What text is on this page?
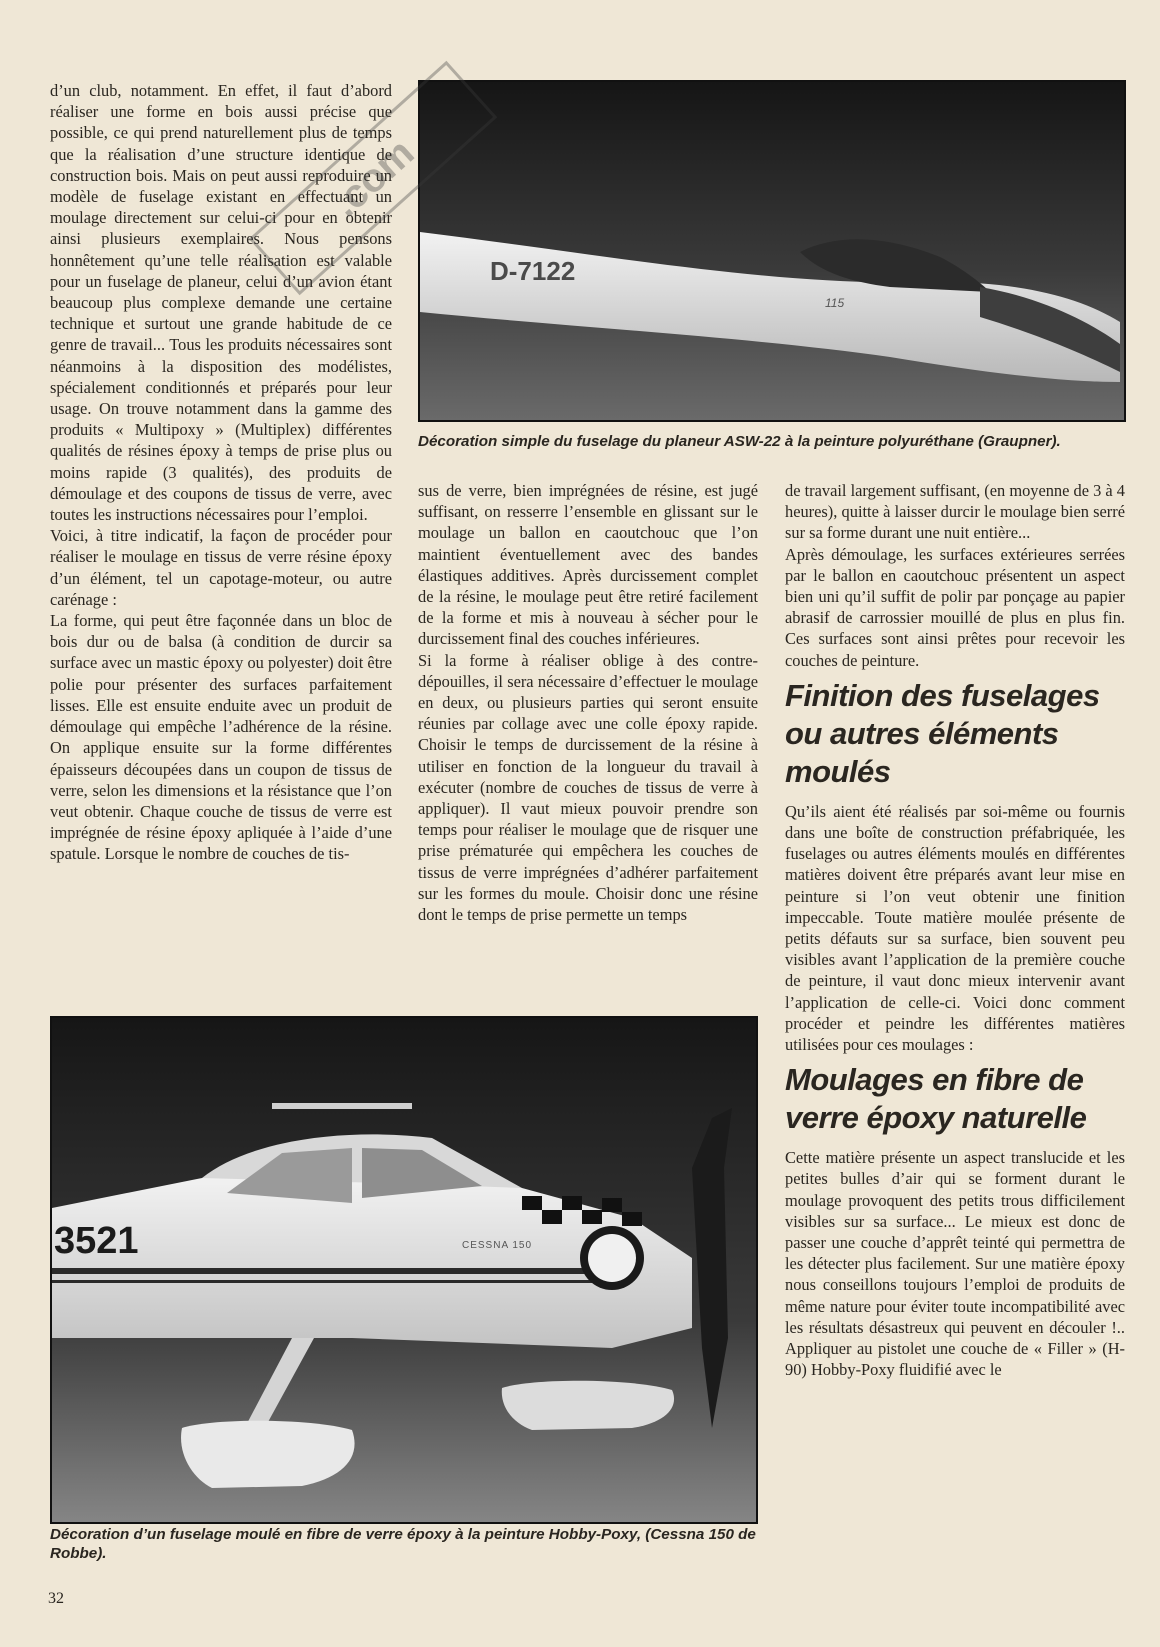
d’un club, notamment. En effet, il faut d’abord réaliser une forme en bois aussi précise que possible, ce qui prend naturellement plus de temps que la réalisation d’une structure identique de construction bois. Mais on peut aussi reproduire un modèle de fuselage existant en effectuant un moulage directement sur celui-ci pour en obtenir ainsi plusieurs exemplaires. Nous pensons honnêtement qu’une telle réalisation est valable pour un fuselage de planeur, celui d’un avion étant beaucoup plus complexe demande une certaine technique et surtout une grande habitude de ce genre de travail... Tous les produits nécessaires sont néanmoins à la disposition des modélistes, spécialement conditionnés et préparés pour leur usage. On trouve notamment dans la gamme des produits « Multipoxy » (Multiplex) différentes qualités de résines époxy à temps de prise plus ou moins rapide (3 qualités), des produits de démoulage et des coupons de tissus de verre, avec toutes les instructions nécessaires pour l’emploi.

Voici, à titre indicatif, la façon de procéder pour réaliser le moulage en tissus de verre résine époxy d’un élément, tel un capotage-moteur, ou autre carénage :

La forme, qui peut être façonnée dans un bloc de bois dur ou de balsa (à condition de durcir sa surface avec un mastic époxy ou polyester) doit être polie pour présenter des surfaces parfaitement lisses. Elle est ensuite enduite avec un produit de démoulage qui empêche l’adhérence de la résine. On applique ensuite sur la forme différentes épaisseurs découpées dans un coupon de tissus de verre, selon les dimensions et la résistance que l’on veut obtenir. Chaque couche de tissus de verre est imprégnée de résine époxy apliquée à l’aide d’une spatule. Lorsque le nombre de couches de tis-

D-7122
115
Décoration simple du fuselage du planeur ASW-22 à la peinture polyuréthane (Graupner).

sus de verre, bien imprégnées de résine, est jugé suffisant, on resserre l’ensemble en glissant sur le moulage un ballon en caoutchouc que l’on maintient éventuellement avec des bandes élastiques additives. Après durcissement complet de la résine, le moulage peut être retiré facilement de la forme et mis à nouveau à sécher pour le durcissement final des couches inférieures.

Si la forme à réaliser oblige à des contre-dépouilles, il sera nécessaire d’effectuer le moulage en deux, ou plusieurs parties qui seront ensuite réunies par collage avec une colle époxy rapide. Choisir le temps de durcissement de la résine à utiliser en fonction de la longueur du travail à exécuter (nombre de couches de tissus de verre à appliquer). Il vaut mieux pouvoir prendre son temps pour réaliser le moulage que de risquer une prise prématurée qui empêchera les couches de tissus de verre imprégnées d’adhérer parfaitement sur les formes du moule. Choisir donc une résine dont le temps de prise permette un temps

de travail largement suffisant, (en moyenne de 3 à 4 heures), quitte à laisser durcir le moulage bien serré sur sa forme durant une nuit entière...

Après démoulage, les surfaces extérieures serrées par le ballon en caoutchouc présentent un aspect bien uni qu’il suffit de polir par ponçage au papier abrasif de carrossier mouillé de plus en plus fin. Ces surfaces sont ainsi prêtes pour recevoir les couches de peinture.

Finition des fuselages ou autres éléments moulés

Qu’ils aient été réalisés par soi-même ou fournis dans une boîte de construction préfabriquée, les fuselages ou autres éléments moulés en différentes matières doivent être préparés avant leur mise en peinture si l’on veut obtenir une finition impeccable. Toute matière moulée présente de petits défauts sur sa surface, bien souvent peu visibles avant l’application de la première couche de peinture, il vaut donc mieux intervenir avant l’application de celle-ci. Voici donc comment procéder et peindre les différentes matières utilisées pour ces moulages :

Moulages en fibre de verre époxy naturelle

Cette matière présente un aspect translucide et les petites bulles d’air qui se forment durant le moulage provoquent des petits trous difficilement visibles sur sa surface... Le mieux est donc de passer une couche d’apprêt teinté qui permettra de les détecter plus facilement. Sur une matière époxy nous conseillons toujours l’emploi de produits de même nature pour éviter toute incompatibilité avec les résultats désastreux qui peuvent en découler !.. Appliquer au pistolet une couche de « Filler » (H-90) Hobby-Poxy fluidifié avec le

3521	CESSNA 150
Décoration d’un fuselage moulé en fibre de verre époxy à la peinture Hobby-Poxy, (Cessna 150 de Robbe).
.com
32
